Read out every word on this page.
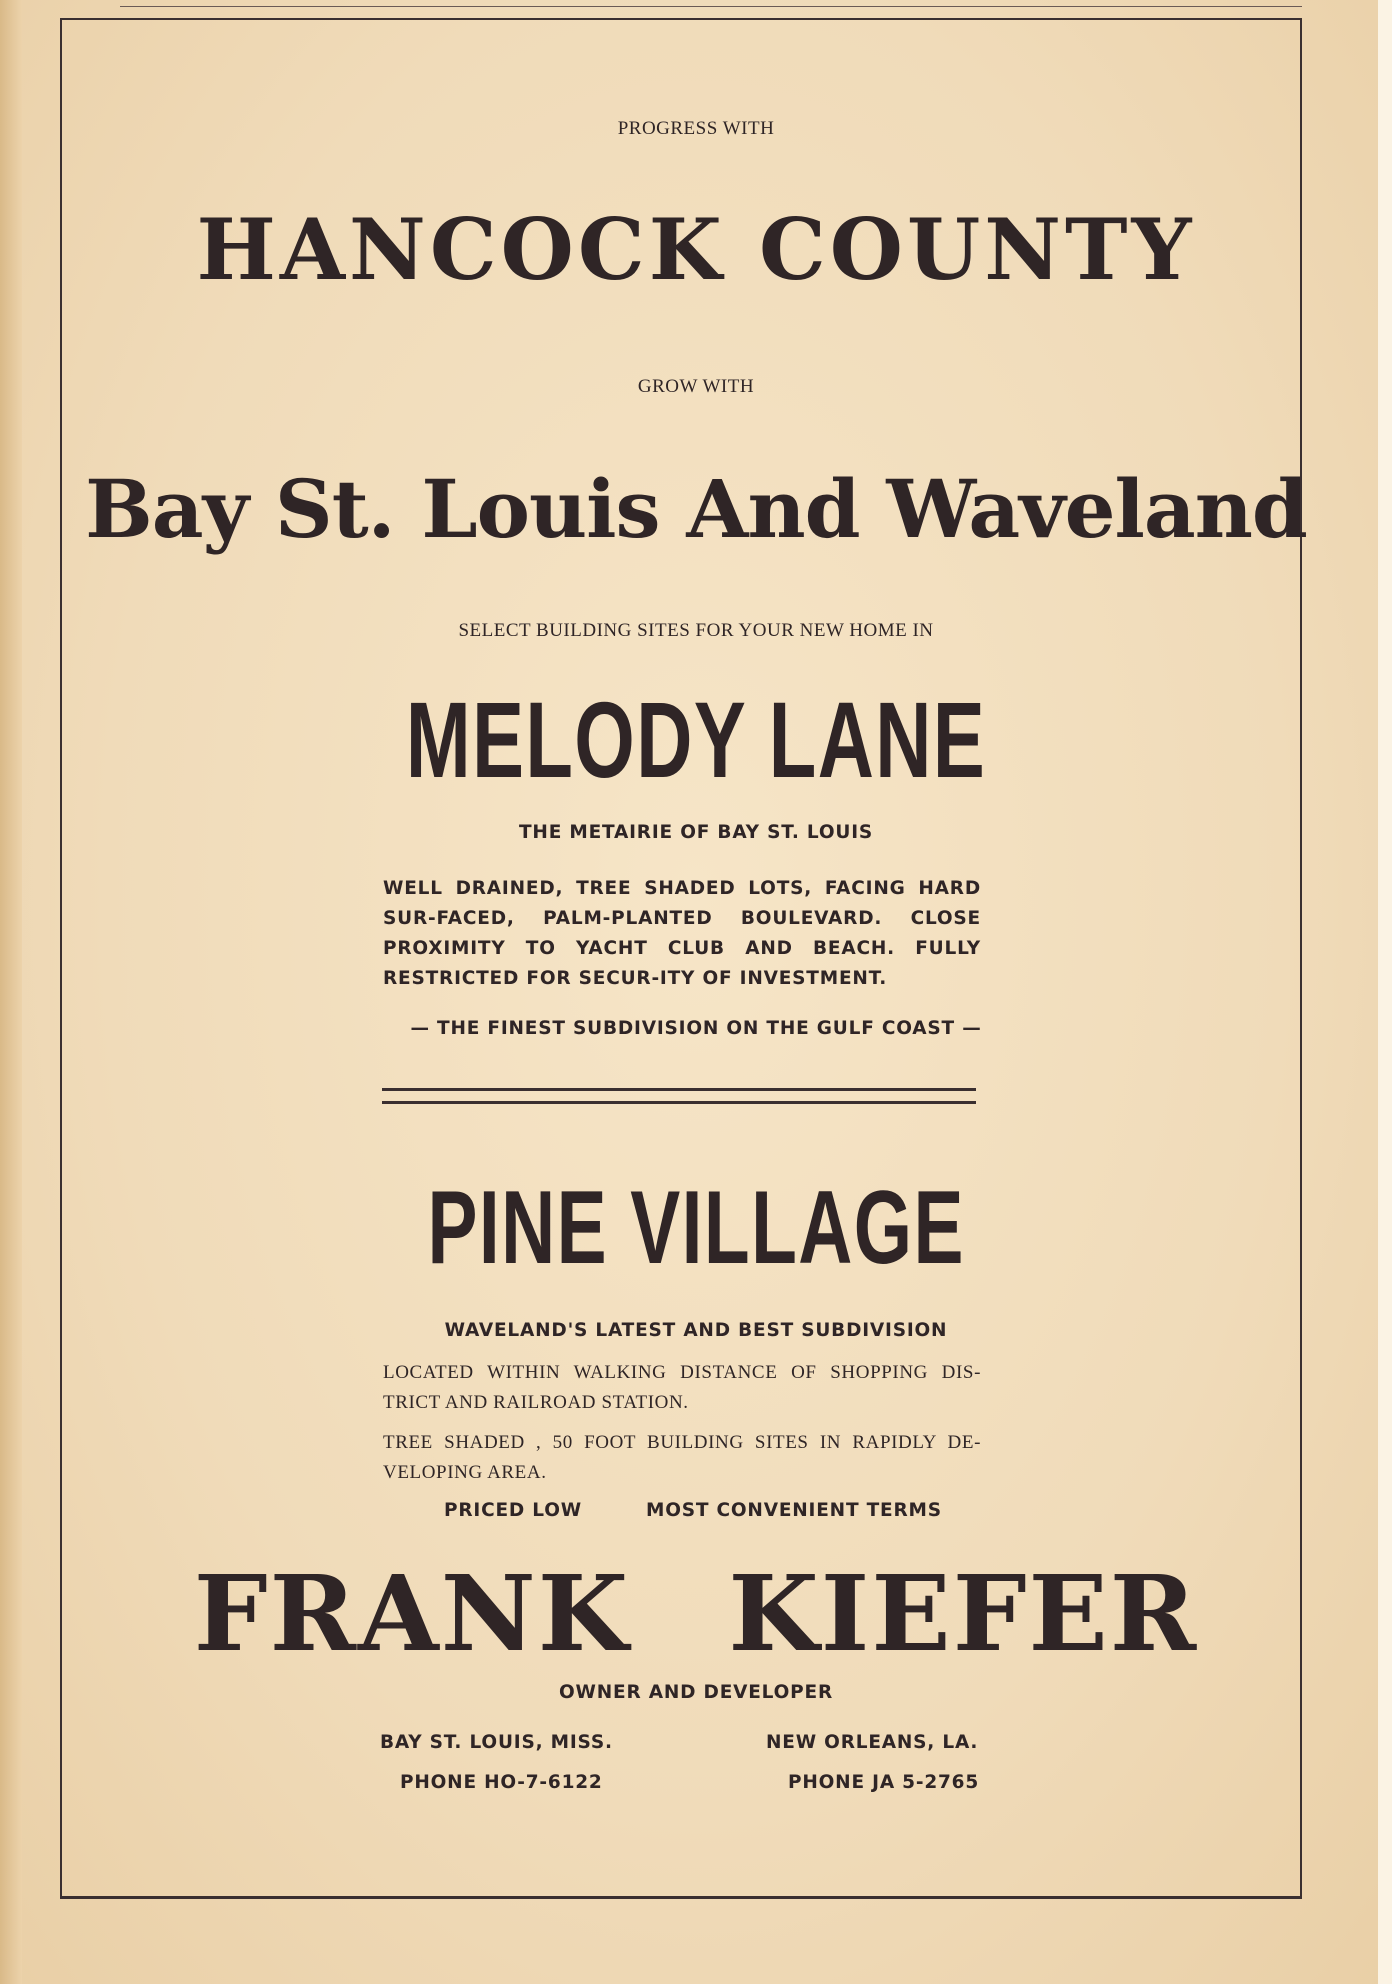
PROGRESS WITH
HANCOCK COUNTY
GROW WITH
Bay St. Louis And Waveland
SELECT BUILDING SITES FOR YOUR NEW HOME IN
MELODY LANE
THE METAIRIE OF BAY ST. LOUIS
WELL DRAINED, TREE SHADED LOTS, FACING HARD SUR-FACED, PALM-PLANTED BOULEVARD. CLOSE PROXIMITY TO YACHT CLUB AND BEACH. FULLY RESTRICTED FOR SECUR-ITY OF INVESTMENT.
— THE FINEST SUBDIVISION ON THE GULF COAST —
PINE VILLAGE
WAVELAND'S LATEST AND BEST SUBDIVISION
LOCATED WITHIN WALKING DISTANCE OF SHOPPING DIS-TRICT AND RAILROAD STATION.
TREE SHADED , 50 FOOT BUILDING SITES IN RAPIDLY DE-VELOPING AREA.
PRICED LOW	MOST CONVENIENT TERMS
FRANK KIEFER
OWNER AND DEVELOPER
BAY ST. LOUIS, MISS.	NEW ORLEANS, LA.
PHONE HO-7-6122	PHONE JA 5-2765
